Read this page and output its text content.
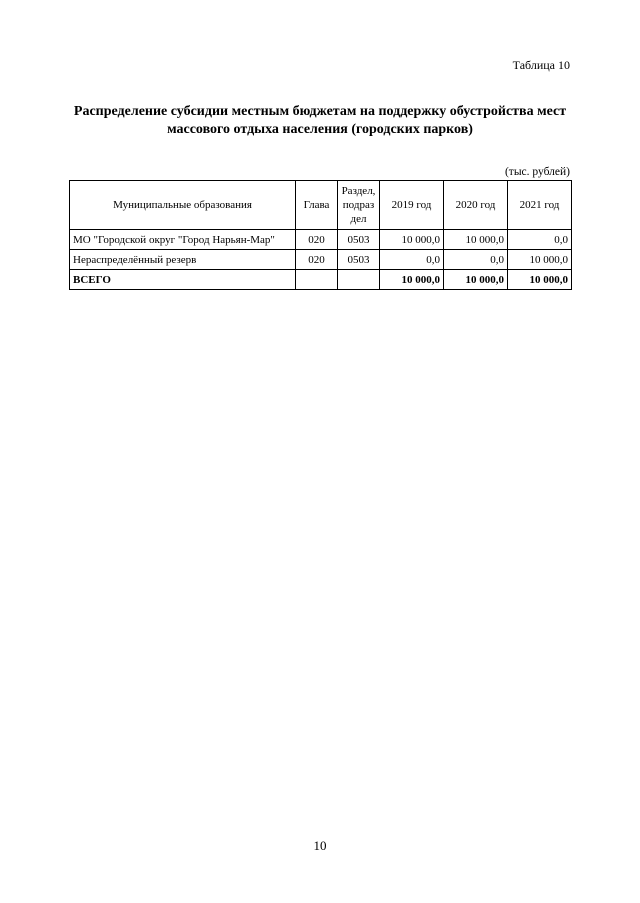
Таблица 10
Распределение субсидии местным бюджетам на поддержку обустройства мест
массового отдыха населения (городских парков)
(тыс. рублей)
Муниципальные образования	Глава	Раздел, подраз дел	2019 год	2020 год	2021 год
МО "Городской округ "Город Нарьян-Мар"	020	0503	10 000,0	10 000,0	0,0
Нераспределённый резерв	020	0503	0,0	0,0	10 000,0
ВСЕГО			10 000,0	10 000,0	10 000,0
10
